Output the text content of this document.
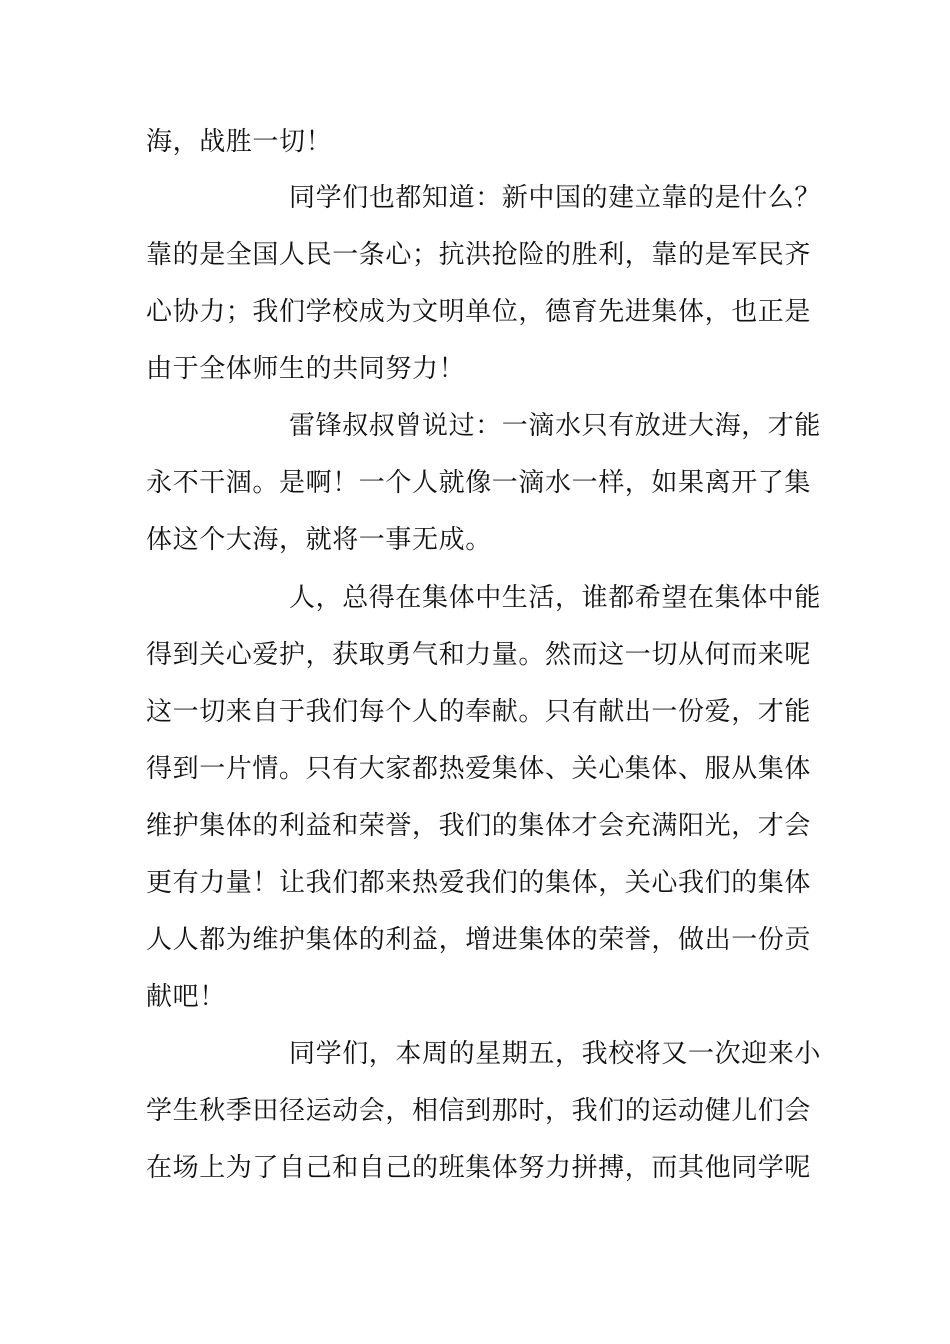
海，战胜一切！
同学们也都知道：新中国的建立靠的是什么？
靠的是全国人民一条心；抗洪抢险的胜利，靠的是军民齐
心协力；我们学校成为文明单位，德育先进集体，也正是
由于全体师生的共同努力！
雷锋叔叔曾说过：一滴水只有放进大海，才能
永不干涸。是啊！一个人就像一滴水一样，如果离开了集
体这个大海，就将一事无成。
人，总得在集体中生活，谁都希望在集体中能
得到关心爱护，获取勇气和力量。然而这一切从何而来呢
这一切来自于我们每个人的奉献。只有献出一份爱，才能
得到一片情。只有大家都热爱集体、关心集体、服从集体
维护集体的利益和荣誉，我们的集体才会充满阳光，才会
更有力量！让我们都来热爱我们的集体，关心我们的集体
人人都为维护集体的利益，增进集体的荣誉，做出一份贡
献吧！
同学们，本周的星期五，我校将又一次迎来小
学生秋季田径运动会，相信到那时，我们的运动健儿们会
在场上为了自己和自己的班集体努力拼搏，而其他同学呢
